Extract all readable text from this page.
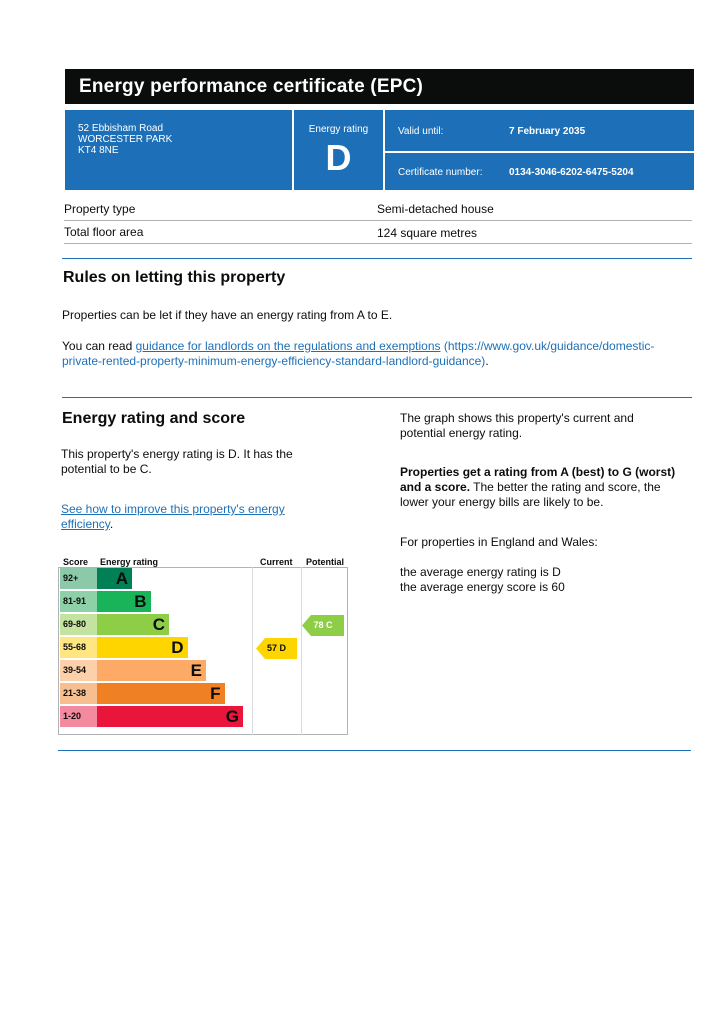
Energy performance certificate (EPC)
52 Ebbisham Road
WORCESTER PARK
KT4 8NE
Energy rating
D
Valid until:	7 February 2035
Certificate number:	0134-3046-6202-6475-5204
Property type	Semi-detached house
Total floor area	124 square metres
Rules on letting this property
Properties can be let if they have an energy rating from A to E.
You can read guidance for landlords on the regulations and exemptions (https://www.gov.uk/guidance/domestic-
private-rented-property-minimum-energy-efficiency-standard-landlord-guidance).
Energy rating and score
This property's energy rating is D. It has the
potential to be C.
See how to improve this property's energy
efficiency.
The graph shows this property's current and
potential energy rating.
Properties get a rating from A (best) to G (worst)
and a score. The better the rating and score, the
lower your energy bills are likely to be.
For properties in England and Wales:
the average energy rating is D
the average energy score is 60
Score Energy rating	Current Potential
92+	A
81-91	B
69-80	C
55-68	D
39-54	E
21-38	F
1-20	G
57 D
78 C
